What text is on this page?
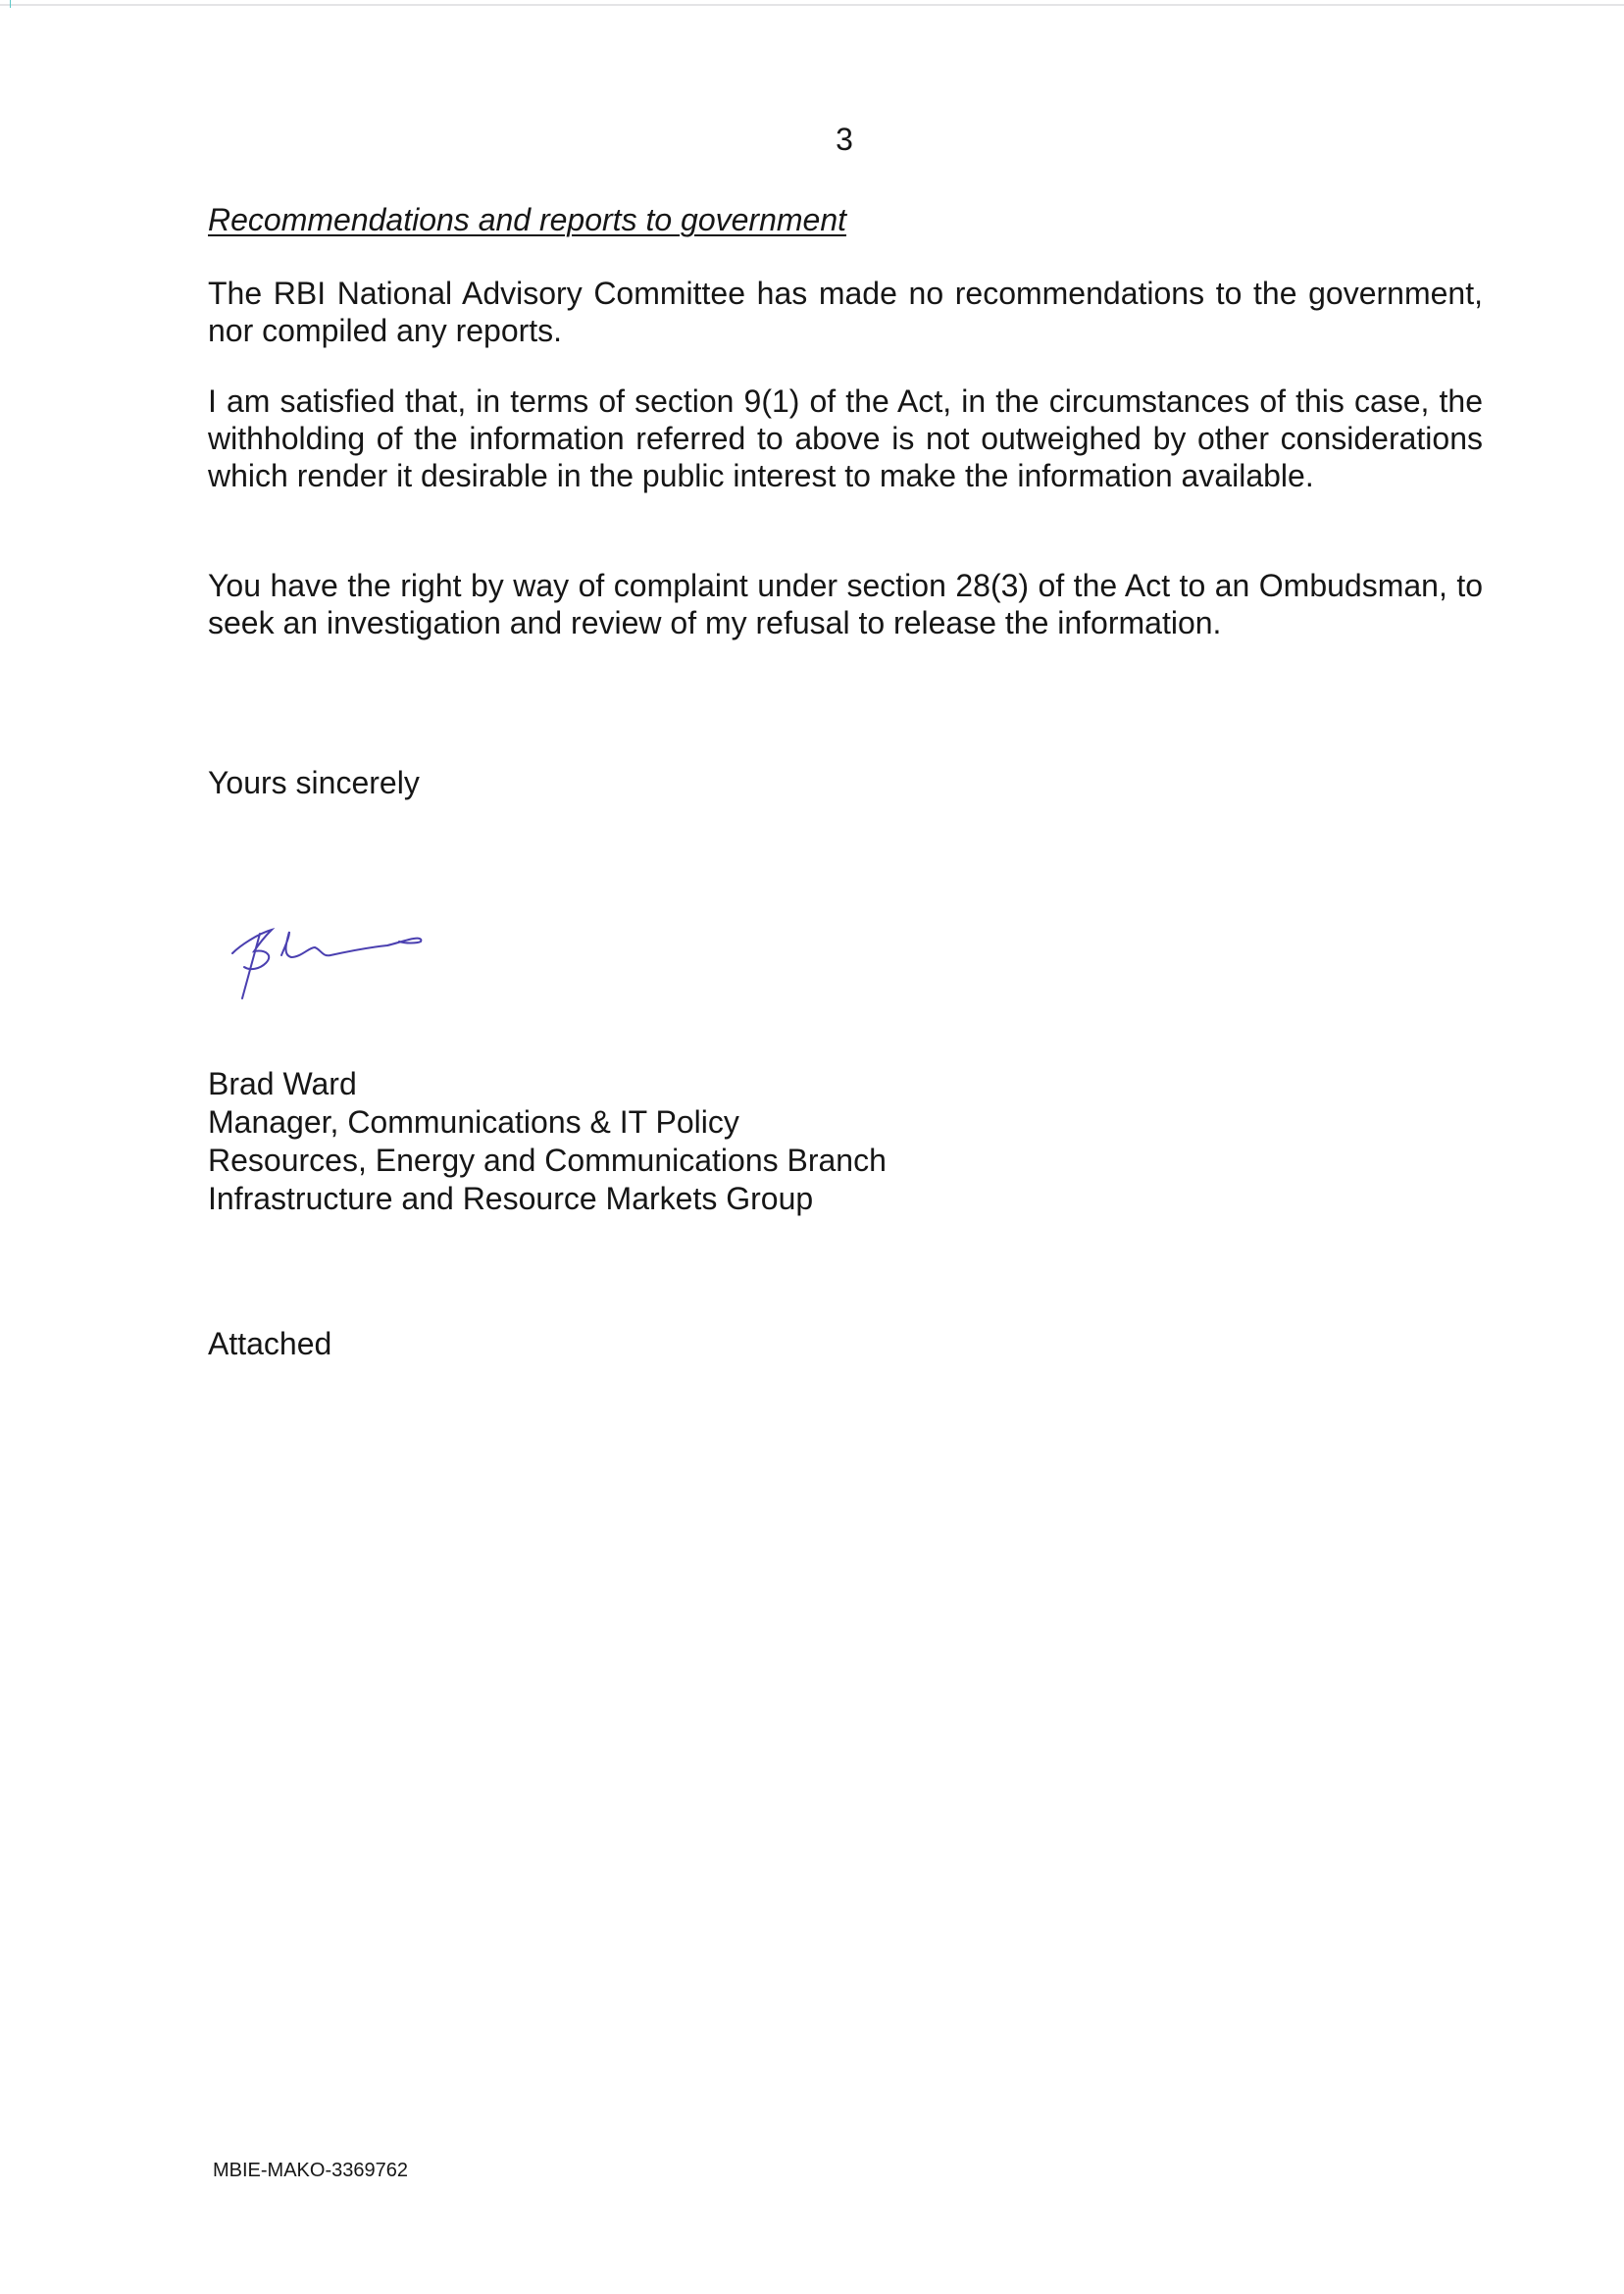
3
Recommendations and reports to government
The RBI National Advisory Committee has made no recommendations to the government, nor compiled any reports.
I am satisfied that, in terms of section 9(1) of the Act, in the circumstances of this case, the withholding of the information referred to above is not outweighed by other considerations which render it desirable in the public interest to make the information available.
You have the right by way of complaint under section 28(3) of the Act to an Ombudsman, to seek an investigation and review of my refusal to release the information.
Yours sincerely
Brad Ward
Manager, Communications & IT Policy
Resources, Energy and Communications Branch
Infrastructure and Resource Markets Group
Attached
MBIE-MAKO-3369762
